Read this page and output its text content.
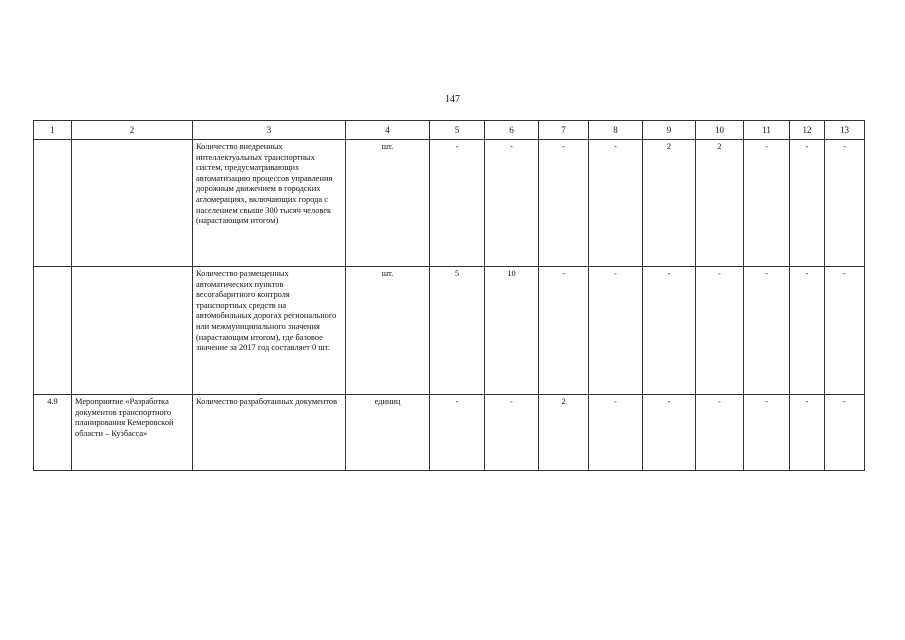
147
1	2	3	4	5	6	7	8	9	10	11	12	13
		Количество внедренных интеллектуальных транспортных систем, предусматривающих автоматизацию процессов управления дорожным движением в городских агломерациях, включающих города с населением свыше 300 тысяч человек (нарастающим итогом)	шт.	-	-	-	-	2	2	-	-	-
		Количество размещенных автоматических пунктов весогабаритного контроля транспортных средств на автомобильных дорогах регионального или межмуниципального значения (нарастающим итогом), где базовое значение за 2017 год составляет 0 шт.	шт.	5	10	-	-	-	-	-	-	-
4.9	Мероприятие «Разработка документов транспортного планирования Кемеровской области – Кузбасса»	Количество разработанных документов	единиц	-	-	2	-	-	-	-	-	-
